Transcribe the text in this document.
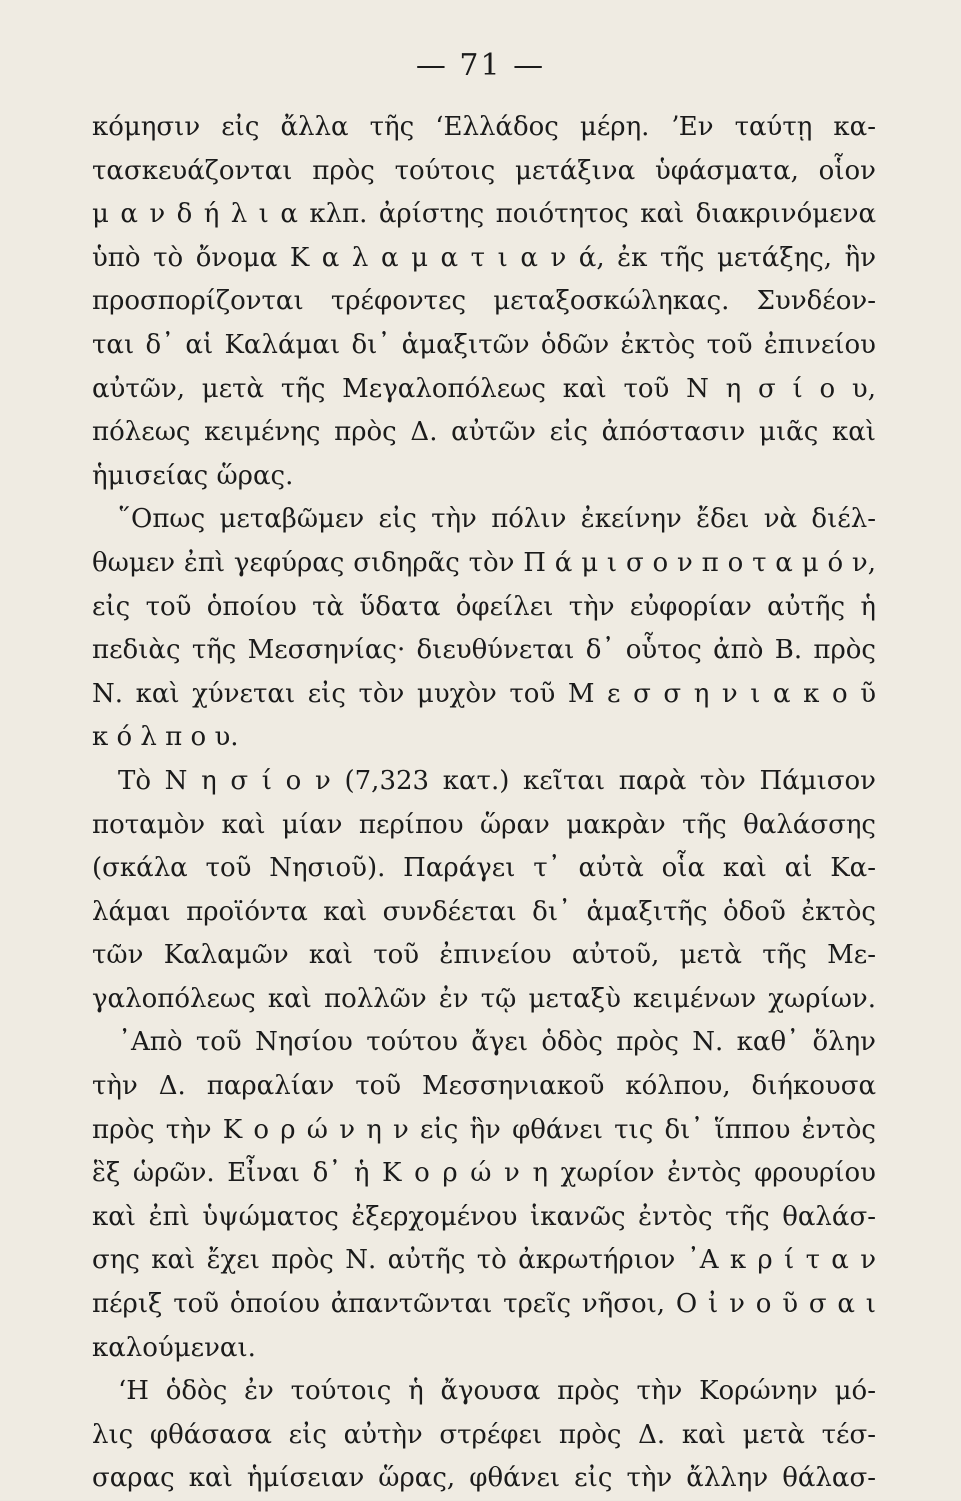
— 71 —
κόμησιν εἰς ἄλλα τῆς ʻΕλλάδος μέρη. ʼΕν ταύτῃ κα-
τασκευάζονται πρὸς τούτοις μετάξινα ὑφάσματα, οἷον
μ α ν δ ή λ ι α κλπ. ἀρίστης ποιότητος καὶ διακρινόμενα
ὑπὸ τὸ ὄνομα Κ α λ α μ α τ ι α ν ά, ἐκ τῆς μετάξης, ἣν
προσπορίζονται τρέφοντες μεταξοσκώληκας. Συνδέον-
ται δ᾽ αἱ Καλάμαι δι᾽ ἁμαξιτῶν ὁδῶν ἐκτὸς τοῦ ἐπινείου
αὐτῶν, μετὰ τῆς Μεγαλοπόλεως καὶ τοῦ Ν η σ ί ο υ,
πόλεως κειμένης πρὸς Δ. αὐτῶν εἰς ἀπόστασιν μιᾶς καὶ
ἡμισείας ὥρας.
῞Οπως μεταβῶμεν εἰς τὴν πόλιν ἐκείνην ἔδει νὰ διέλ-
θωμεν ἐπὶ γεφύρας σιδηρᾶς τὸν Π ά μ ι σ ο ν π ο τ α μ ό ν,
εἰς τοῦ ὁποίου τὰ ὕδατα ὀφείλει τὴν εὐφορίαν αὐτῆς ἡ
πεδιὰς τῆς Μεσσηνίας· διευθύνεται δ᾽ οὗτος ἀπὸ Β. πρὸς
Ν. καὶ χύνεται εἰς τὸν μυχὸν τοῦ Μ ε σ σ η ν ι α κ ο ῦ
κ ό λ π ο υ.
Τὸ Ν η σ ί ο ν (7,323 κατ.) κεῖται παρὰ τὸν Πάμισον
ποταμὸν καὶ μίαν περίπου ὥραν μακρὰν τῆς θαλάσσης
(σκάλα τοῦ Νησιοῦ). Παράγει τ᾽ αὐτὰ οἷα καὶ αἱ Κα-
λάμαι προϊόντα καὶ συνδέεται δι᾽ ἁμαξιτῆς ὁδοῦ ἐκτὸς
τῶν Καλαμῶν καὶ τοῦ ἐπινείου αὐτοῦ, μετὰ τῆς Με-
γαλοπόλεως καὶ πολλῶν ἐν τῷ μεταξὺ κειμένων χωρίων.
᾽Απὸ τοῦ Νησίου τούτου ἄγει ὁδὸς πρὸς Ν. καθ᾽ ὅλην
τὴν Δ. παραλίαν τοῦ Μεσσηνιακοῦ κόλπου, διήκουσα
πρὸς τὴν Κ ο ρ ώ ν η ν εἰς ἣν φθάνει τις δι᾽ ἵππου ἐντὸς
ἓξ ὡρῶν. Εἶναι δ᾽ ἡ Κ ο ρ ώ ν η χωρίον ἐντὸς φρουρίου
καὶ ἐπὶ ὑψώματος ἐξερχομένου ἱκανῶς ἐντὸς τῆς θαλάσ-
σης καὶ ἔχει πρὸς Ν. αὐτῆς τὸ ἀκρωτήριον ᾽Α κ ρ ί τ α ν
πέριξ τοῦ ὁποίου ἀπαντῶνται τρεῖς νῆσοι, Ο ἰ ν ο ῦ σ α ι
καλούμεναι.
ʻΗ ὁδὸς ἐν τούτοις ἡ ἄγουσα πρὸς τὴν Κορώνην μό-
λις φθάσασα εἰς αὐτὴν στρέφει πρὸς Δ. καὶ μετὰ τέσ-
σαρας καὶ ἡμίσειαν ὥρας, φθάνει εἰς τὴν ἄλλην θάλασ-
